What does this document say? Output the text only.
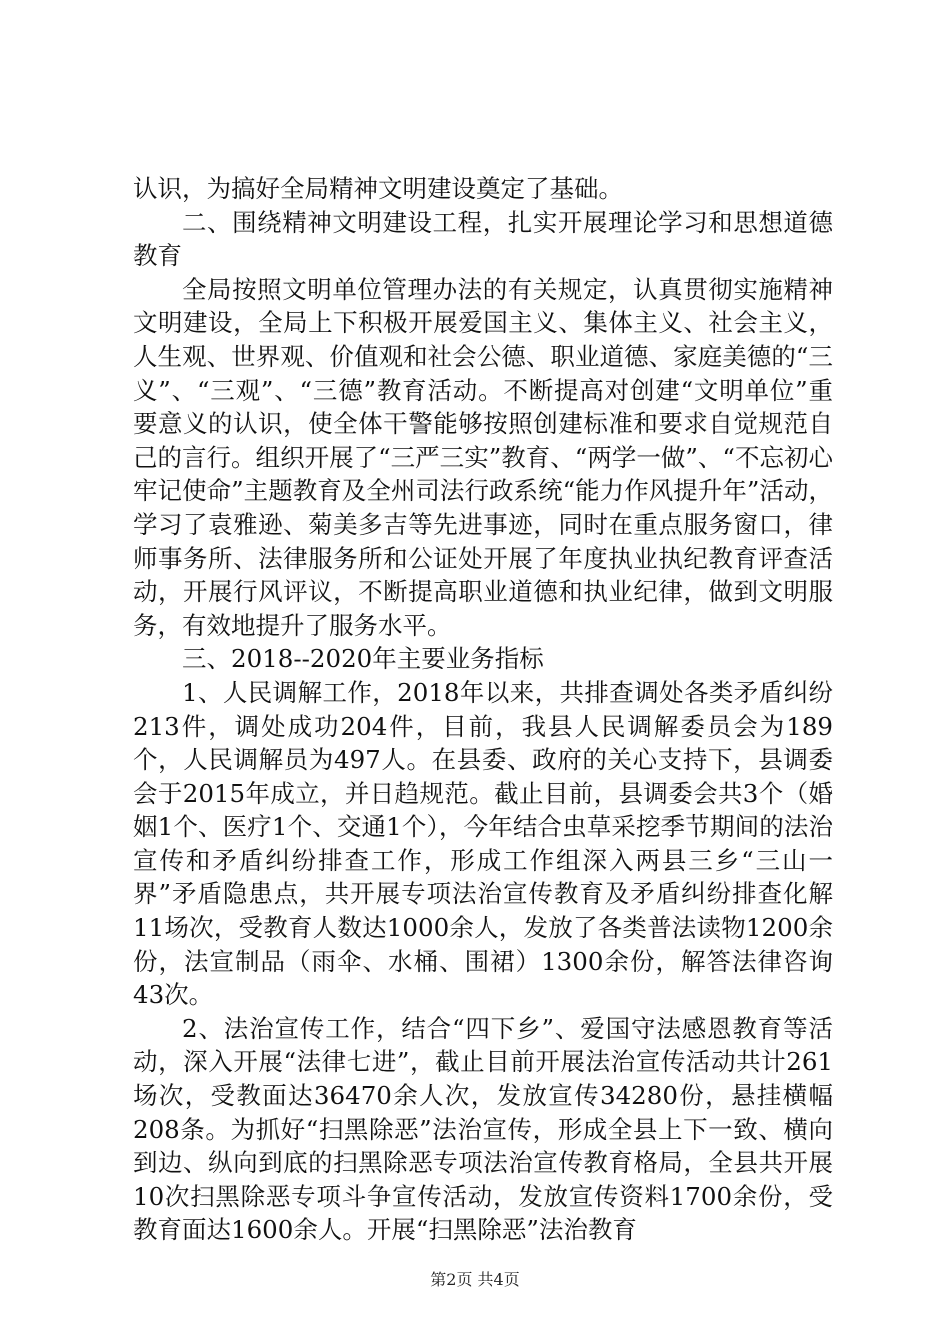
认识，为搞好全局精神文明建设奠定了基础。

二、围绕精神文明建设工程，扎实开展理论学习和思想道德教育

全局按照文明单位管理办法的有关规定，认真贯彻实施精神文明建设，全局上下积极开展爱国主义、集体主义、社会主义，人生观、世界观、价值观和社会公德、职业道德、家庭美德的“三义”、“三观”、“三德”教育活动。不断提高对创建“文明单位”重要意义的认识，使全体干警能够按照创建标准和要求自觉规范自己的言行。组织开展了“三严三实”教育、“两学一做”、“不忘初心牢记使命”主题教育及全州司法行政系统“能力作风提升年”活动，学习了袁雅逊、菊美多吉等先进事迹，同时在重点服务窗口，律师事务所、法律服务所和公证处开展了年度执业执纪教育评查活动，开展行风评议，不断提高职业道德和执业纪律，做到文明服务，有效地提升了服务水平。

三、2018--2020年主要业务指标

1、人民调解工作，2018年以来，共排查调处各类矛盾纠纷213件，调处成功204件，目前，我县人民调解委员会为189个，人民调解员为497人。在县委、政府的关心支持下，县调委会于2015年成立，并日趋规范。截止目前，县调委会共3个（婚姻1个、医疗1个、交通1个），今年结合虫草采挖季节期间的法治宣传和矛盾纠纷排查工作，形成工作组深入两县三乡“三山一界”矛盾隐患点，共开展专项法治宣传教育及矛盾纠纷排查化解11场次，受教育人数达1000余人，发放了各类普法读物1200余份，法宣制品（雨伞、水桶、围裙）1300余份，解答法律咨询43次。

2、法治宣传工作，结合“四下乡”、爱国守法感恩教育等活动，深入开展“法律七进”，截止目前开展法治宣传活动共计261场次，受教面达36470余人次，发放宣传34280份，悬挂横幅208条。为抓好“扫黑除恶”法治宣传，形成全县上下一致、横向到边、纵向到底的扫黑除恶专项法治宣传教育格局，全县共开展10次扫黑除恶专项斗争宣传活动，发放宣传资料1700余份，受教育面达1600余人。开展“扫黑除恶”法治教育

第2页 共4页
